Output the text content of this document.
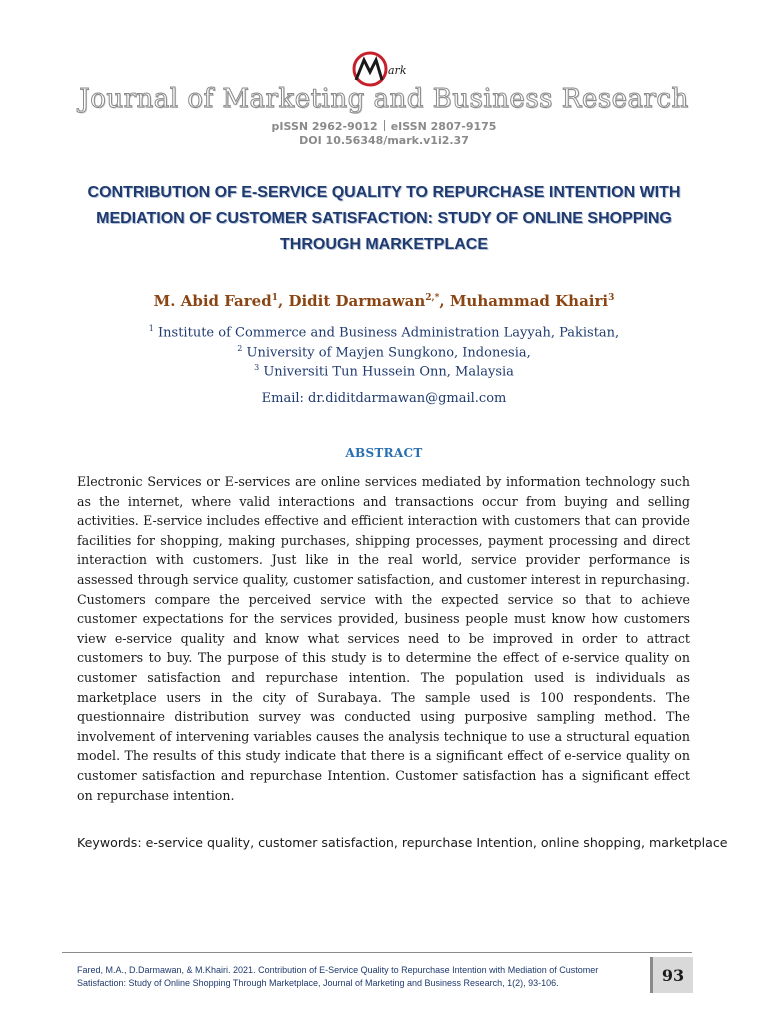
ark
Journal of Marketing and Business Research
pISSN 2962-9012 eISSN 2807-9175
DOI 10.56348/mark.v1i2.37
CONTRIBUTION OF E-SERVICE QUALITY TO REPURCHASE INTENTION WITH MEDIATION OF CUSTOMER SATISFACTION: STUDY OF ONLINE SHOPPING THROUGH MARKETPLACE
M. Abid Fared$^1$, Didit Darmawan$^{2,*}$, Muhammad Khairi$^3$
$^1$ Institute of Commerce and Business Administration Layyah, Pakistan,
$^2$ University of Mayjen Sungkono, Indonesia,
$^3$ Universiti Tun Hussein Onn, Malaysia
Email: dr.diditdarmawan@gmail.com
ABSTRACT
Electronic Services or E-services are online services mediated by information technology such as the internet, where valid interactions and transactions occur from buying and selling activities. E-service includes effective and efficient interaction with customers that can provide facilities for shopping, making purchases, shipping processes, payment processing and direct interaction with customers. Just like in the real world, service provider performance is assessed through service quality, customer satisfaction, and customer interest in repurchasing. Customers compare the perceived service with the expected service so that to achieve customer expectations for the services provided, business people must know how customers view e-service quality and know what services need to be improved in order to attract customers to buy. The purpose of this study is to determine the effect of e-service quality on customer satisfaction and repurchase intention. The population used is individuals as marketplace users in the city of Surabaya. The sample used is 100 respondents. The questionnaire distribution survey was conducted using purposive sampling method. The involvement of intervening variables causes the analysis technique to use a structural equation model. The results of this study indicate that there is a significant effect of e-service quality on customer satisfaction and repurchase Intention. Customer satisfaction has a significant effect on repurchase intention.
Keywords: e-service quality, customer satisfaction, repurchase Intention, online shopping, marketplace
Fared, M.A., D.Darmawan, & M.Khairi. 2021. Contribution of E-Service Quality to Repurchase Intention with Mediation of Customer Satisfaction: Study of Online Shopping Through Marketplace, Journal of Marketing and Business Research, 1(2), 93-106.	93
